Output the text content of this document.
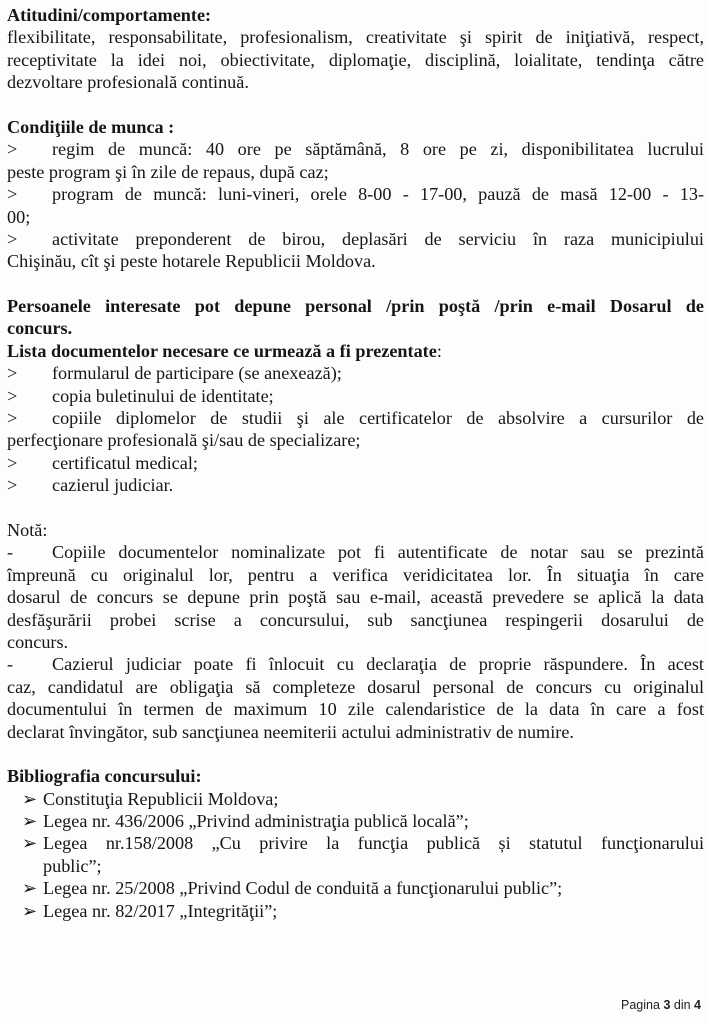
Atitudini/comportamente:
flexibilitate, responsabilitate, profesionalism, creativitate şi spirit de iniţiativă, respect,
receptivitate la idei noi, obiectivitate, diplomaţie, disciplină, loialitate, tendinţa către
dezvoltare profesională continuă.
Condiţiile de munca :
> regim de muncă: 40 ore pe săptămână, 8 ore pe zi, disponibilitatea lucrului
peste program şi în zile de repaus, după caz;
> program de muncă: luni-vineri, orele 8-00 - 17-00, pauză de masă 12-00 - 13-
00;
> activitate preponderent de birou, deplasări de serviciu în raza municipiului
Chişinău, cît şi peste hotarele Republicii Moldova.
Persoanele interesate pot depune personal /prin poştă /prin e-mail Dosarul de
concurs.
Lista documentelor necesare ce urmează a fi prezentate:
> formularul de participare (se anexează);
> copia buletinului de identitate;
> copiile diplomelor de studii şi ale certificatelor de absolvire a cursurilor de
perfecţionare profesională şi/sau de specializare;
> certificatul medical;
> cazierul judiciar.
Notă:
- Copiile documentelor nominalizate pot fi autentificate de notar sau se prezintă
împreună cu originalul lor, pentru a verifica veridicitatea lor. În situaţia în care
dosarul de concurs se depune prin poştă sau e-mail, această prevedere se aplică la data
desfăşurării probei scrise a concursului, sub sancţiunea respingerii dosarului de
concurs.
- Cazierul judiciar poate fi înlocuit cu declaraţia de proprie răspundere. În acest
caz, candidatul are obligaţia să completeze dosarul personal de concurs cu originalul
documentului în termen de maximum 10 zile calendaristice de la data în care a fost
declarat învingător, sub sancţiunea neemiterii actului administrativ de numire.
Bibliografia concursului:
➢ Constituţia Republicii Moldova;
➢ Legea nr. 436/2006 „Privind administraţia publică locală”;
➢ Legea nr.158/2008 „Cu privire la funcţia publică și statutul funcţionarului
public”;
➢ Legea nr. 25/2008 „Privind Codul de conduită a funcţionarului public”;
➢ Legea nr. 82/2017 „Integrităţii”;
Pagina 3 din 4
